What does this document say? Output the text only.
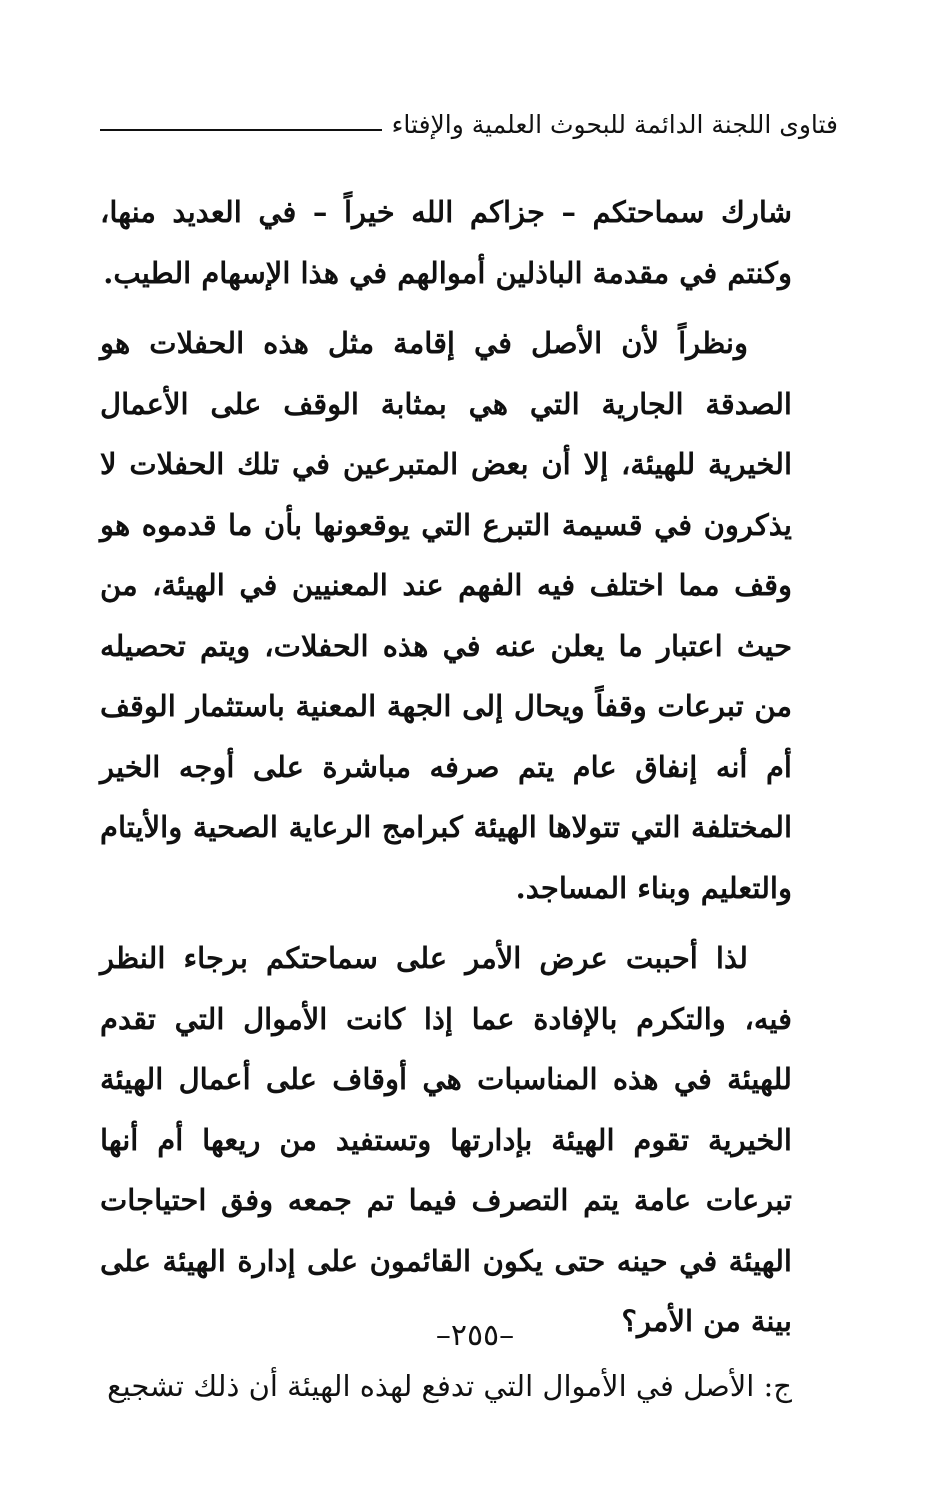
فتاوى اللجنة الدائمة للبحوث العلمية والإفتاء

شارك سماحتكم – جزاكم الله خيراً – في العديد منها، وكنتم في مقدمة الباذلين أموالهم في هذا الإسهام الطيب.

ونظراً لأن الأصل في إقامة مثل هذه الحفلات هو الصدقة الجارية التي هي بمثابة الوقف على الأعمال الخيرية للهيئة، إلا أن بعض المتبرعين في تلك الحفلات لا يذكرون في قسيمة التبرع التي يوقعونها بأن ما قدموه هو وقف مما اختلف فيه الفهم عند المعنيين في الهيئة، من حيث اعتبار ما يعلن عنه في هذه الحفلات، ويتم تحصيله من تبرعات وقفاً ويحال إلى الجهة المعنية باستثمار الوقف أم أنه إنفاق عام يتم صرفه مباشرة على أوجه الخير المختلفة التي تتولاها الهيئة كبرامج الرعاية الصحية والأيتام والتعليم وبناء المساجد.

لذا أحببت عرض الأمر على سماحتكم برجاء النظر فيه، والتكرم بالإفادة عما إذا كانت الأموال التي تقدم للهيئة في هذه المناسبات هي أوقاف على أعمال الهيئة الخيرية تقوم الهيئة بإدارتها وتستفيد من ريعها أم أنها تبرعات عامة يتم التصرف فيما تم جمعه وفق احتياجات الهيئة في حينه حتى يكون القائمون على إدارة الهيئة على بينة من الأمر؟

ج: الأصل في الأموال التي تدفع لهذه الهيئة أن ذلك تشجيع

–٢٥٥–
